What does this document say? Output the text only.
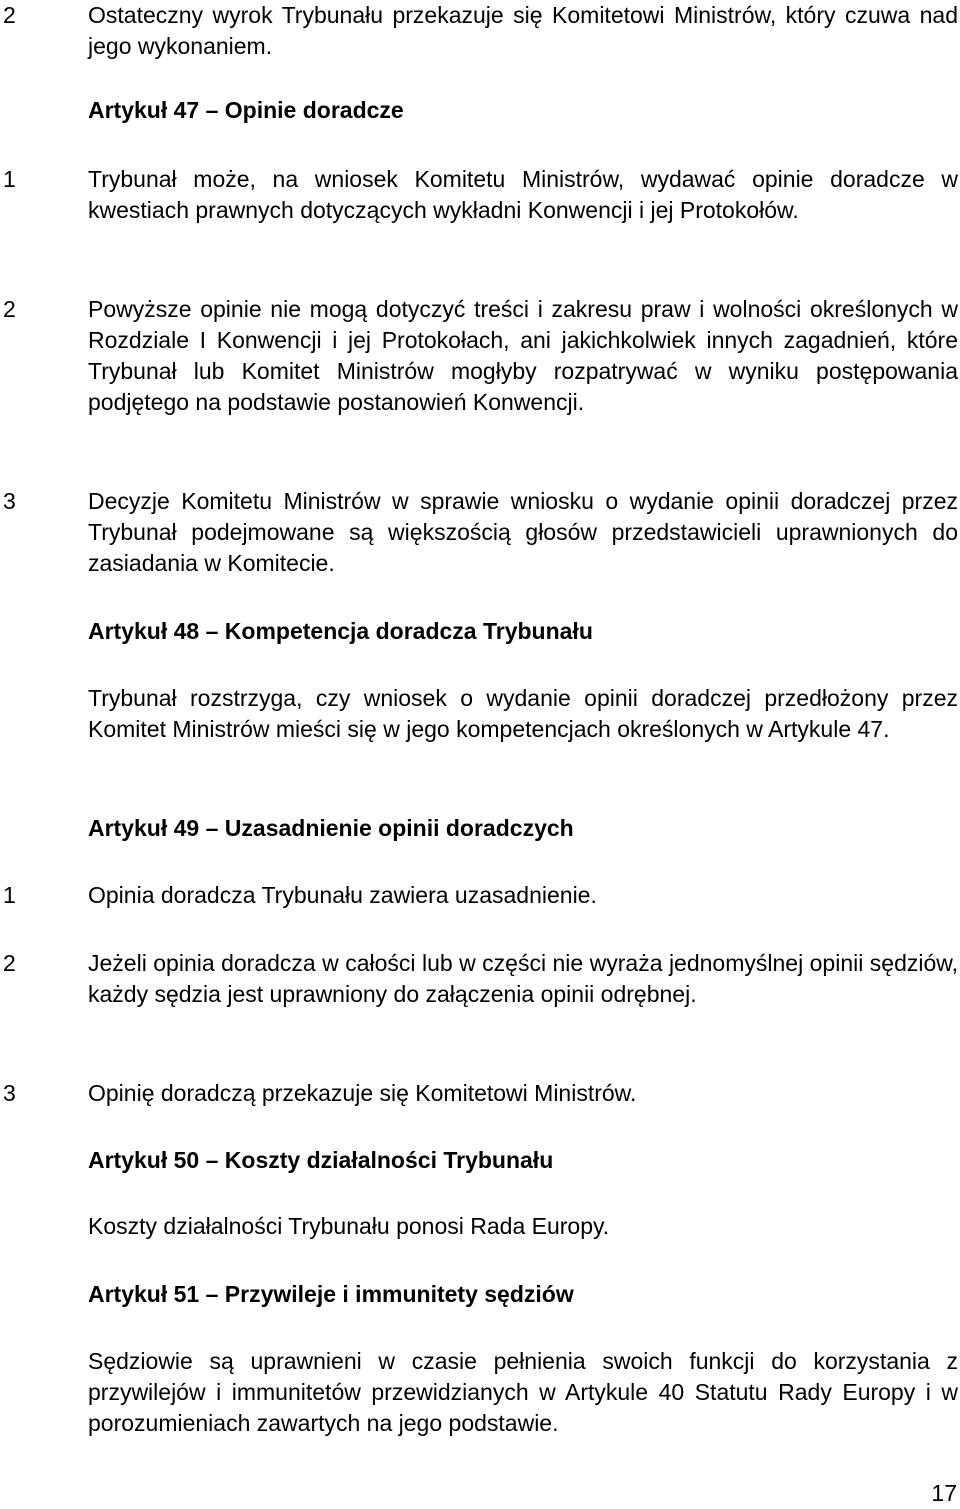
2	Ostateczny wyrok Trybunału przekazuje się Komitetowi Ministrów, który czuwa nad jego wykonaniem.
Artykuł 47 – Opinie doradcze
1	Trybunał może, na wniosek Komitetu Ministrów, wydawać opinie doradcze w kwestiach prawnych dotyczących wykładni Konwencji i jej Protokołów.
2	Powyższe opinie nie mogą dotyczyć treści i zakresu praw i wolności określonych w Rozdziale I Konwencji i jej Protokołach, ani jakichkolwiek innych zagadnień, które Trybunał lub Komitet Ministrów mogłyby rozpatrywać w wyniku postępowania podjętego na podstawie postanowień Konwencji.
3	Decyzje Komitetu Ministrów w sprawie wniosku o wydanie opinii doradczej przez Trybunał podejmowane są większością głosów przedstawicieli uprawnionych do zasiadania w Komitecie.
Artykuł 48 – Kompetencja doradcza Trybunału
Trybunał rozstrzyga, czy wniosek o wydanie opinii doradczej przedłożony przez Komitet Ministrów mieści się w jego kompetencjach określonych w Artykule 47.
Artykuł 49 – Uzasadnienie opinii doradczych
1	Opinia doradcza Trybunału zawiera uzasadnienie.
2	Jeżeli opinia doradcza w całości lub w części nie wyraża jednomyślnej opinii sędziów, każdy sędzia jest uprawniony do załączenia opinii odrębnej.
3	Opinię doradczą przekazuje się Komitetowi Ministrów.
Artykuł 50 – Koszty działalności Trybunału
Koszty działalności Trybunału ponosi Rada Europy.
Artykuł 51 – Przywileje i immunitety sędziów
Sędziowie są uprawnieni w czasie pełnienia swoich funkcji do korzystania z przywilejów i immunitetów przewidzianych w Artykule 40 Statutu Rady Europy i w porozumieniach zawartych na jego podstawie.
17
